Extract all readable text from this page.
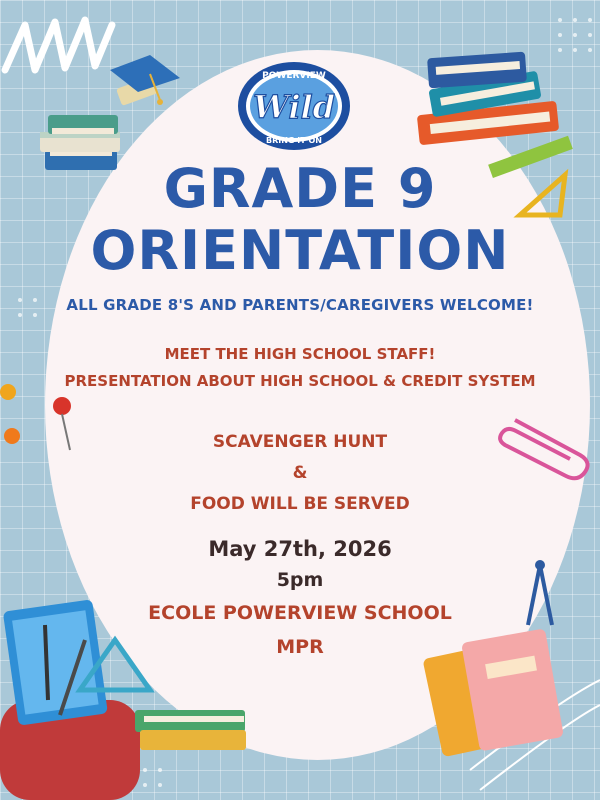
POWERVIEW
Wild
BRING IT ON
GRADE 9
ORIENTATION
ALL GRADE 8'S AND PARENTS/CAREGIVERS WELCOME!
MEET THE HIGH SCHOOL STAFF!
PRESENTATION ABOUT HIGH SCHOOL & CREDIT SYSTEM
SCAVENGER HUNT
&
FOOD WILL BE SERVED
May 27th, 2026
5pm
ECOLE POWERVIEW SCHOOL
MPR
